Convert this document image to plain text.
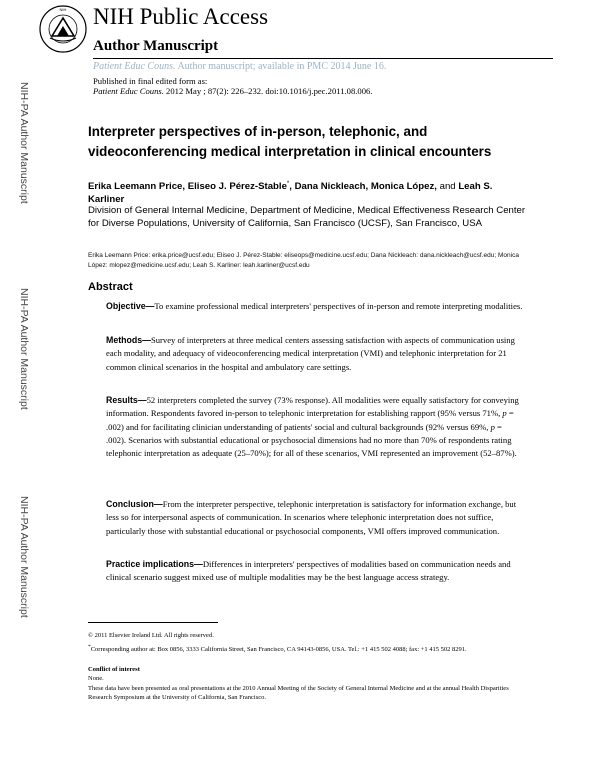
NIH NIH Public Access
Author Manuscript
Patient Educ Couns. Author manuscript; available in PMC 2014 June 16.
Published in final edited form as:
Patient Educ Couns. 2012 May ; 87(2): 226–232. doi:10.1016/j.pec.2011.08.006.
NIH-PA Author Manuscript
NIH-PA Author Manuscript
NIH-PA Author Manuscript
Interpreter perspectives of in-person, telephonic, and videoconferencing medical interpretation in clinical encounters
Erika Leemann Price, Eliseo J. Pérez-Stable*, Dana Nickleach, Monica López, and Leah S. Karliner
Division of General Internal Medicine, Department of Medicine, Medical Effectiveness Research Center for Diverse Populations, University of California, San Francisco (UCSF), San Francisco, USA
Erika Leemann Price: erika.price@ucsf.edu; Eliseo J. Pérez-Stable: eliseops@medicine.ucsf.edu; Dana Nickleach: dana.nickleach@ucsf.edu; Monica López: mlopez@medicine.ucsf.edu; Leah S. Karliner: leah.karliner@ucsf.edu
Abstract
Objective—To examine professional medical interpreters' perspectives of in-person and remote interpreting modalities.
Methods—Survey of interpreters at three medical centers assessing satisfaction with aspects of communication using each modality, and adequacy of videoconferencing medical interpretation (VMI) and telephonic interpretation for 21 common clinical scenarios in the hospital and ambulatory care settings.
Results—52 interpreters completed the survey (73% response). All modalities were equally satisfactory for conveying information. Respondents favored in-person to telephonic interpretation for establishing rapport (95% versus 71%, p = .002) and for facilitating clinician understanding of patients' social and cultural backgrounds (92% versus 69%, p = .002). Scenarios with substantial educational or psychosocial dimensions had no more than 70% of respondents rating telephonic interpretation as adequate (25–70%); for all of these scenarios, VMI represented an improvement (52–87%).
Conclusion—From the interpreter perspective, telephonic interpretation is satisfactory for information exchange, but less so for interpersonal aspects of communication. In scenarios where telephonic interpretation does not suffice, particularly those with substantial educational or psychosocial components, VMI offers improved communication.
Practice implications—Differences in interpreters' perspectives of modalities based on communication needs and clinical scenario suggest mixed use of multiple modalities may be the best language access strategy.
© 2011 Elsevier Ireland Ltd. All rights reserved.
*Corresponding author at: Box 0856, 3333 California Street, San Francisco, CA 94143-0856, USA. Tel.: +1 415 502 4088; fax: +1 415 502 8291.
Conflict of interest
None.
These data have been presented as oral presentations at the 2010 Annual Meeting of the Society of General Internal Medicine and at the annual Health Disparities Research Symposium at the University of California, San Francisco.
